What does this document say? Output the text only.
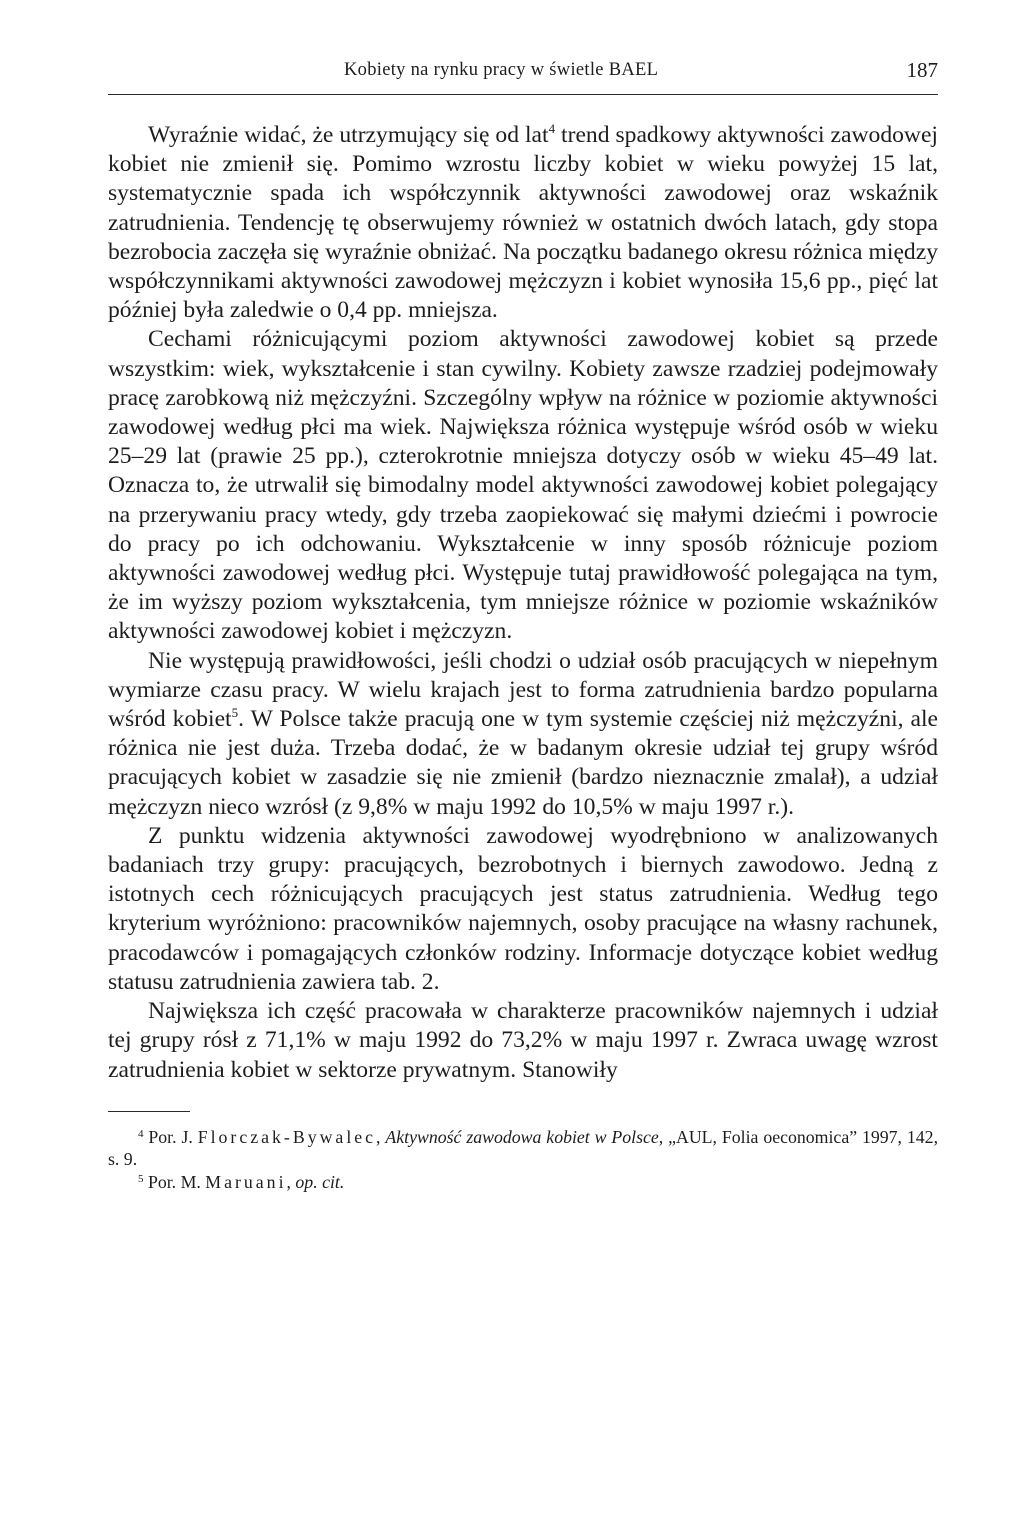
Kobiety na rynku pracy w świetle BAEL	187

Wyraźnie widać, że utrzymujący się od lat$^4$ trend spadkowy aktywności zawodowej kobiet nie zmienił się. Pomimo wzrostu liczby kobiet w wieku powyżej 15 lat, systematycznie spada ich współczynnik aktywności zawodowej oraz wskaźnik zatrudnienia. Tendencję tę obserwujemy również w ostatnich dwóch latach, gdy stopa bezrobocia zaczęła się wyraźnie obniżać. Na początku badanego okresu różnica między współczynnikami aktywności zawodowej mężczyzn i kobiet wynosiła 15,6 pp., pięć lat później była zaledwie o 0,4 pp. mniejsza.

Cechami różnicującymi poziom aktywności zawodowej kobiet są przede wszystkim: wiek, wykształcenie i stan cywilny. Kobiety zawsze rzadziej podejmowały pracę zarobkową niż mężczyźni. Szczególny wpływ na różnice w poziomie aktywności zawodowej według płci ma wiek. Największa różnica występuje wśród osób w wieku 25–29 lat (prawie 25 pp.), czterokrotnie mniejsza dotyczy osób w wieku 45–49 lat. Oznacza to, że utrwalił się bimodalny model aktywności zawodowej kobiet polegający na przerywaniu pracy wtedy, gdy trzeba zaopiekować się małymi dziećmi i powrocie do pracy po ich odchowaniu. Wykształcenie w inny sposób różnicuje poziom aktywności zawodowej według płci. Występuje tutaj prawidłowość polegająca na tym, że im wyższy poziom wykształcenia, tym mniejsze różnice w poziomie wskaźników aktywności zawodowej kobiet i mężczyzn.

Nie występują prawidłowości, jeśli chodzi o udział osób pracujących w niepełnym wymiarze czasu pracy. W wielu krajach jest to forma zatrudnienia bardzo popularna wśród kobiet$^5$. W Polsce także pracują one w tym systemie częściej niż mężczyźni, ale różnica nie jest duża. Trzeba dodać, że w badanym okresie udział tej grupy wśród pracujących kobiet w zasadzie się nie zmienił (bardzo nieznacznie zmalał), a udział mężczyzn nieco wzrósł (z 9,8% w maju 1992 do 10,5% w maju 1997 r.).

Z punktu widzenia aktywności zawodowej wyodrębniono w analizowanych badaniach trzy grupy: pracujących, bezrobotnych i biernych zawodowo. Jedną z istotnych cech różnicujących pracujących jest status zatrudnienia. Według tego kryterium wyróżniono: pracowników najemnych, osoby pracujące na własny rachunek, pracodawców i pomagających członków rodziny. Informacje dotyczące kobiet według statusu zatrudnienia zawiera tab. 2.

Największa ich część pracowała w charakterze pracowników najemnych i udział tej grupy rósł z 71,1% w maju 1992 do 73,2% w maju 1997 r. Zwraca uwagę wzrost zatrudnienia kobiet w sektorze prywatnym. Stanowiły

$^4$ Por. J. Florczak-Bywalec, Aktywność zawodowa kobiet w Polsce, „AUL, Folia oeconomica” 1997, 142, s. 9.

$^5$ Por. M. Maruani, op. cit.
